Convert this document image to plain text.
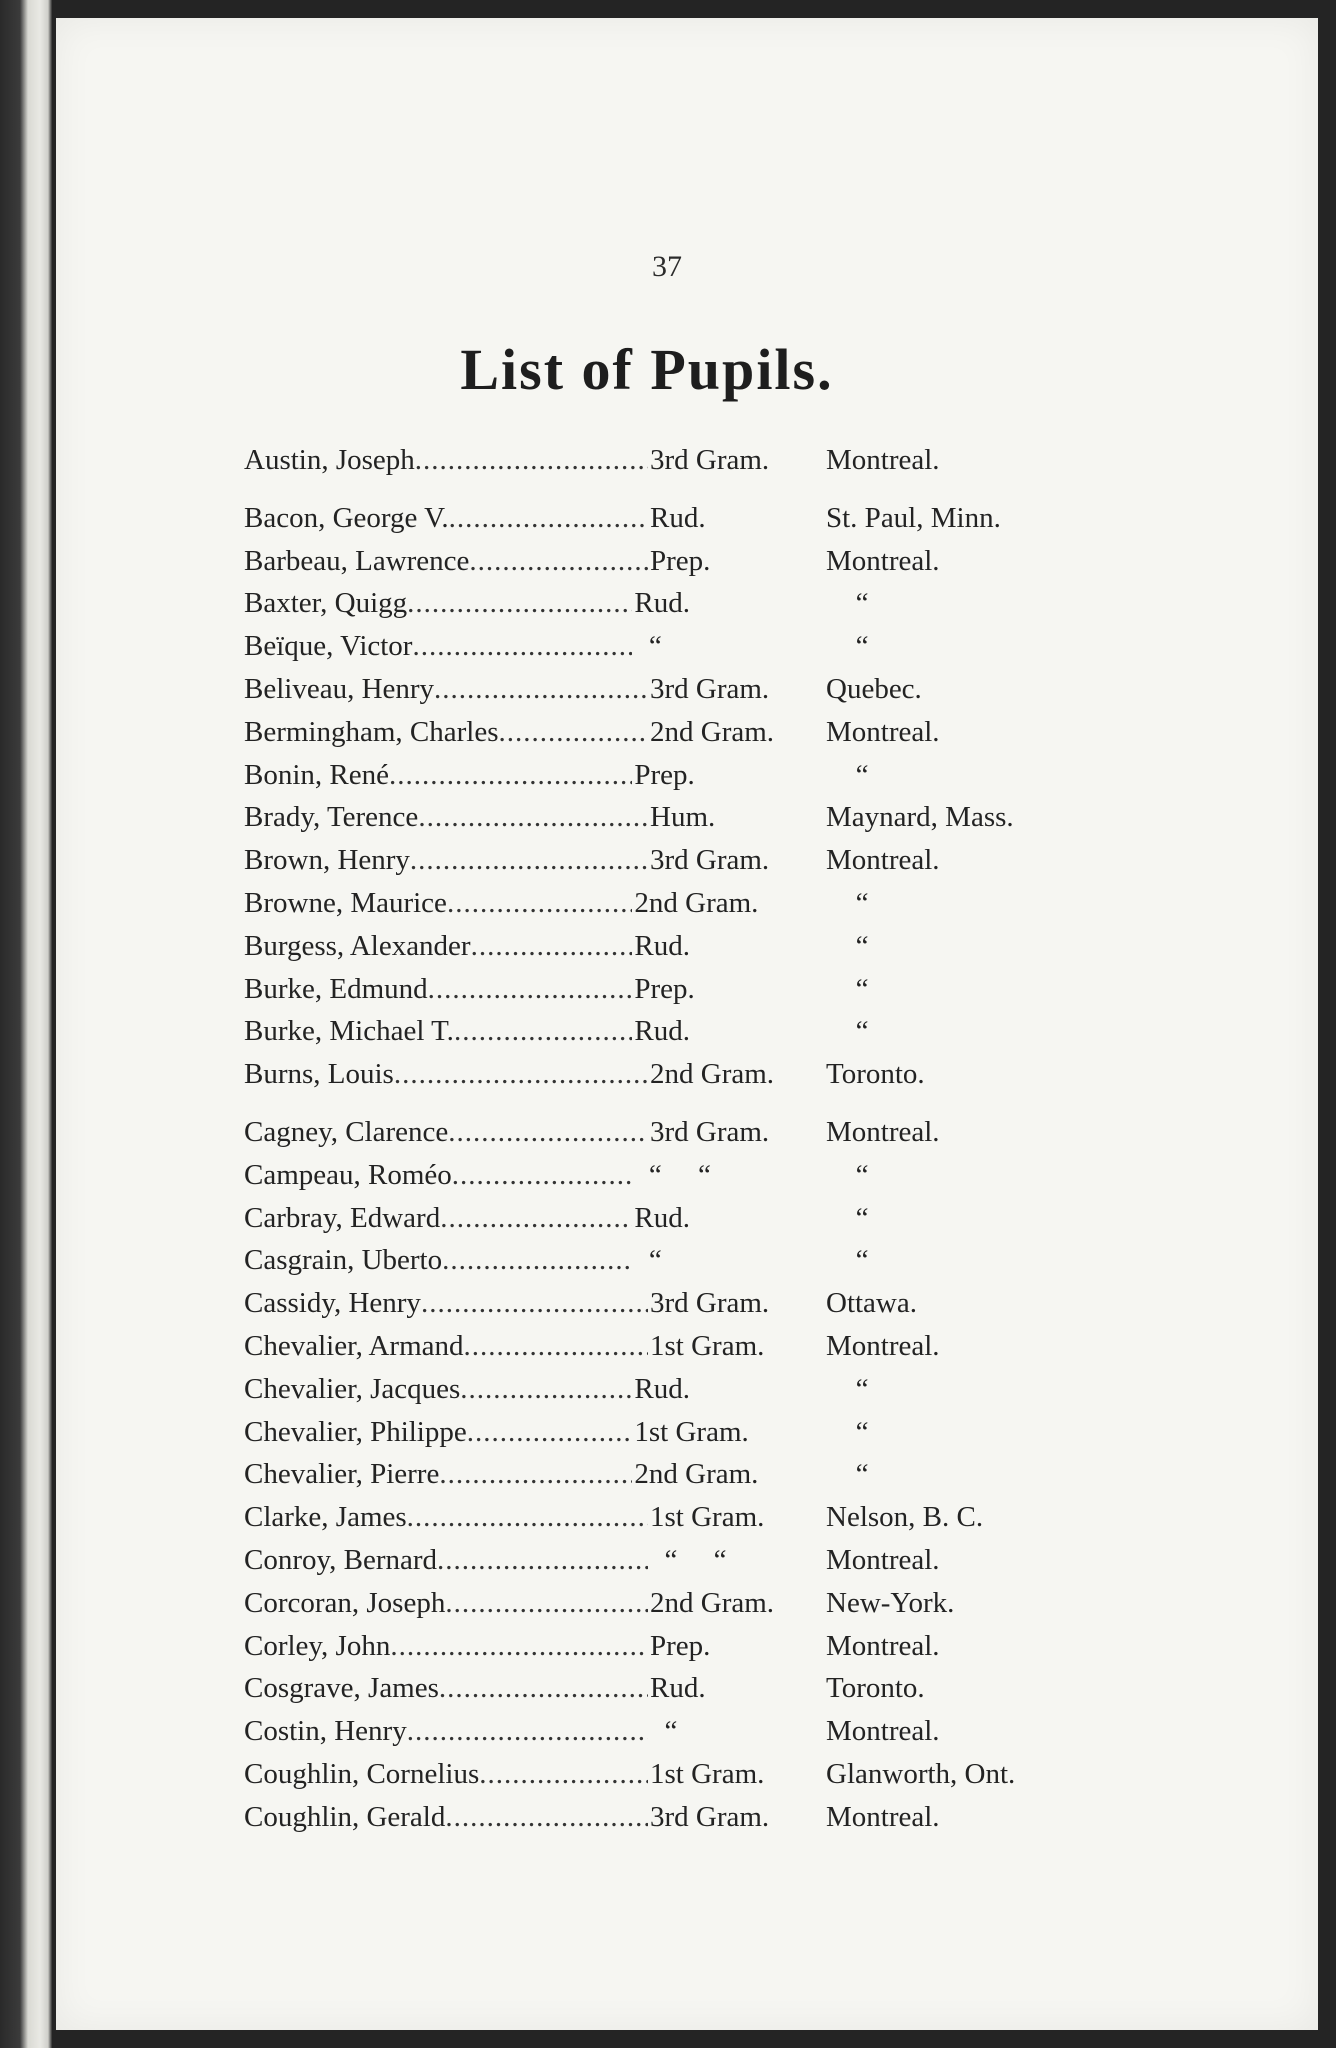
37
List of Pupils.
Austin, Joseph .....	3rd Gram.	Montreal.
Bacon, George V. .....	Rud.	St. Paul, Minn.
Barbeau, Lawrence .....	Prep.	Montreal.
Baxter, Quigg .....	Rud.	“
Beïque, Victor .....	“	“
Beliveau, Henry .....	3rd Gram.	Quebec.
Bermingham, Charles .....	2nd Gram.	Montreal.
Bonin, René .....	Prep.	“
Brady, Terence .....	Hum.	Maynard, Mass.
Brown, Henry .....	3rd Gram.	Montreal.
Browne, Maurice .....	2nd Gram.	“
Burgess, Alexander .....	Rud.	“
Burke, Edmund .....	Prep.	“
Burke, Michael T. .....	Rud.	“
Burns, Louis .....	2nd Gram.	Toronto.
Cagney, Clarence .....	3rd Gram.	Montreal.
Campeau, Roméo .....	“     “	“
Carbray, Edward .....	Rud.	“
Casgrain, Uberto .....	“	“
Cassidy, Henry .....	3rd Gram.	Ottawa.
Chevalier, Armand .....	1st Gram.	Montreal.
Chevalier, Jacques .....	Rud.	“
Chevalier, Philippe .....	1st Gram.	“
Chevalier, Pierre .....	2nd Gram.	“
Clarke, James .....	1st Gram.	Nelson, B. C.
Conroy, Bernard .....	“     “	Montreal.
Corcoran, Joseph .....	2nd Gram.	New-York.
Corley, John .....	Prep.	Montreal.
Cosgrave, James .....	Rud.	Toronto.
Costin, Henry .....	“	Montreal.
Coughlin, Cornelius .....	1st Gram.	Glanworth, Ont.
Coughlin, Gerald .....	3rd Gram.	Montreal.
